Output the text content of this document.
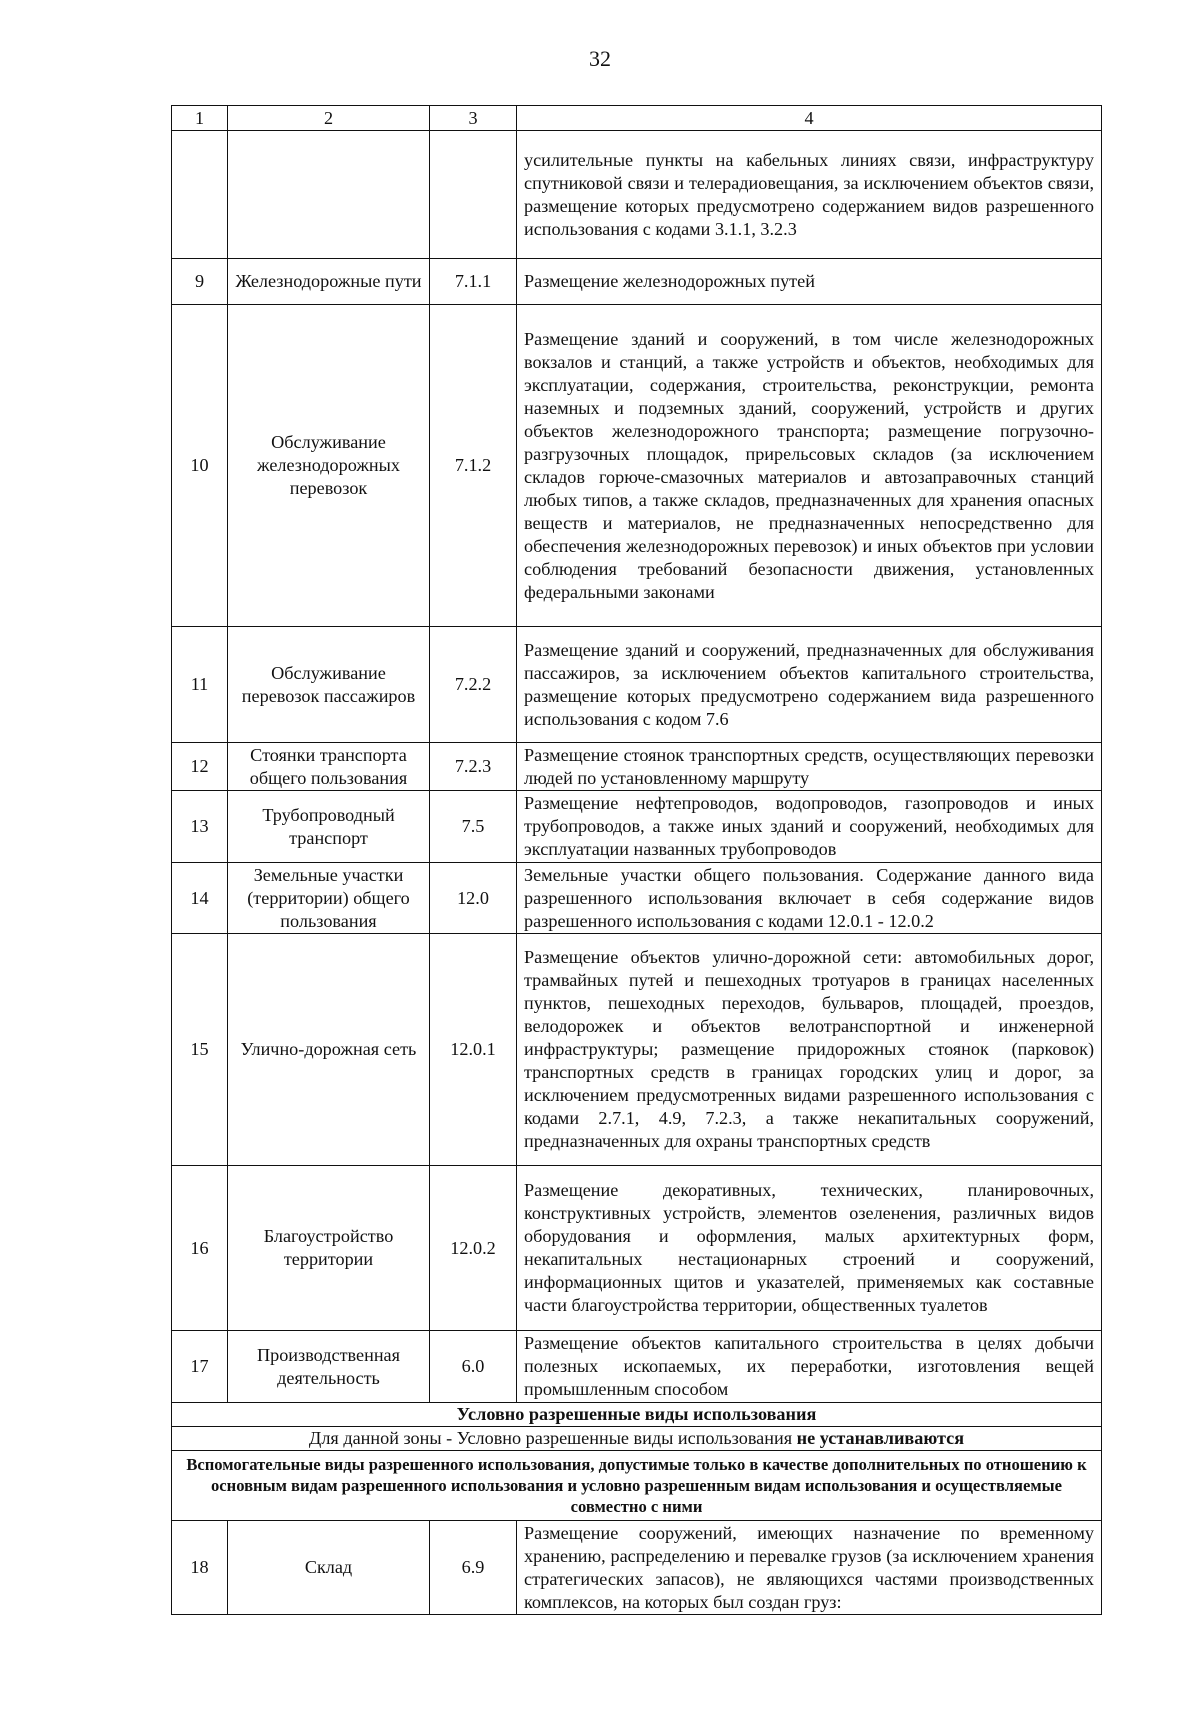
32
1	2	3	4
			усилительные пункты на кабельных линиях связи, инфраструктуру спутниковой связи и телерадиовещания, за исключением объектов связи, размещение которых предусмотрено содержанием видов разрешенного использования с кодами 3.1.1, 3.2.3
9	Железнодорожные пути	7.1.1	Размещение железнодорожных путей
10	Обслуживание железнодорожных перевозок	7.1.2	Размещение зданий и сооружений, в том числе железнодорожных вокзалов и станций, а также устройств и объектов, необходимых для эксплуатации, содержания, строительства, реконструкции, ремонта наземных и подземных зданий, сооружений, устройств и других объектов железнодорожного транспорта; размещение погрузочно-разгрузочных площадок, прирельсовых складов (за исключением складов горюче-смазочных материалов и автозаправочных станций любых типов, а также складов, предназначенных для хранения опасных веществ и материалов, не предназначенных непосредственно для обеспечения железнодорожных перевозок) и иных объектов при условии соблюдения требований безопасности движения, установленных федеральными законами
11	Обслуживание перевозок пассажиров	7.2.2	Размещение зданий и сооружений, предназначенных для обслуживания пассажиров, за исключением объектов капитального строительства, размещение которых предусмотрено содержанием вида разрешенного использования с кодом 7.6
12	Стоянки транспорта общего пользования	7.2.3	Размещение стоянок транспортных средств, осуществляющих перевозки людей по установленному маршруту
13	Трубопроводный транспорт	7.5	Размещение нефтепроводов, водопроводов, газопроводов и иных трубопроводов, а также иных зданий и сооружений, необходимых для эксплуатации названных трубопроводов
14	Земельные участки (территории) общего пользования	12.0	Земельные участки общего пользования. Содержание данного вида разрешенного использования включает в себя содержание видов разрешенного использования с кодами 12.0.1 - 12.0.2
15	Улично-дорожная сеть	12.0.1	Размещение объектов улично-дорожной сети: автомобильных дорог, трамвайных путей и пешеходных тротуаров в границах населенных пунктов, пешеходных переходов, бульваров, площадей, проездов, велодорожек и объектов велотранспортной и инженерной инфраструктуры; размещение придорожных стоянок (парковок) транспортных средств в границах городских улиц и дорог, за исключением предусмотренных видами разрешенного использования с кодами 2.7.1, 4.9, 7.2.3, а также некапитальных сооружений, предназначенных для охраны транспортных средств
16	Благоустройство территории	12.0.2	Размещение декоративных, технических, планировочных, конструктивных устройств, элементов озеленения, различных видов оборудования и оформления, малых архитектурных форм, некапитальных нестационарных строений и сооружений, информационных щитов и указателей, применяемых как составные части благоустройства территории, общественных туалетов
17	Производственная деятельность	6.0	Размещение объектов капитального строительства в целях добычи полезных ископаемых, их переработки, изготовления вещей промышленным способом
Условно разрешенные виды использования			
Для данной зоны - Условно разрешенные виды использования не устанавливаются			
Вспомогательные виды разрешенного использования, допустимые только в качестве дополнительных по отношению к основным видам разрешенного использования и условно разрешенным видам использования и осуществляемые совместно с ними			
18	Склад	6.9	Размещение сооружений, имеющих назначение по временному хранению, распределению и перевалке грузов (за исключением хранения стратегических запасов), не являющихся частями производственных комплексов, на которых был создан груз:
